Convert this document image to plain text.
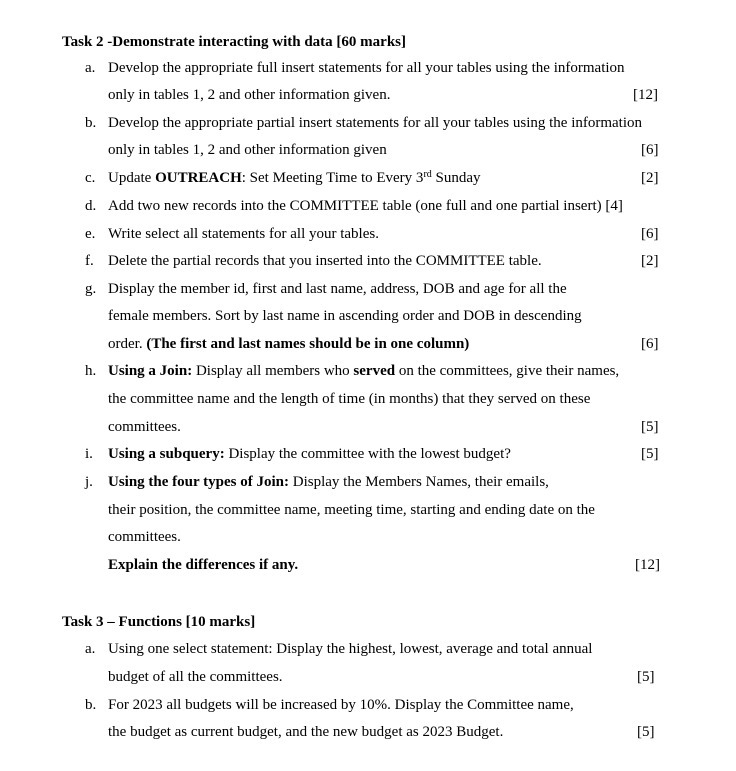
Task 2 -Demonstrate interacting with data [60 marks]
a. Develop the appropriate full insert statements for all your tables using the information
only in tables 1, 2 and other information given.	[12]
b. Develop the appropriate partial insert statements for all your tables using the information
only in tables 1, 2 and other information given	[6]
c. Update OUTREACH: Set Meeting Time to Every 3rd Sunday	[2]
d. Add two new records into the COMMITTEE table (one full and one partial insert) [4]
e. Write select all statements for all your tables.	[6]
f. Delete the partial records that you inserted into the COMMITTEE table.	[2]
g. Display the member id, first and last name, address, DOB and age for all the
female members. Sort by last name in ascending order and DOB in descending
order. (The first and last names should be in one column)	[6]
h. Using a Join: Display all members who served on the committees, give their names,
the committee name and the length of time (in months) that they served on these
committees.	[5]
i. Using a subquery: Display the committee with the lowest budget?	[5]
j. Using the four types of Join: Display the Members Names, their emails,
their position, the committee name, meeting time, starting and ending date on the
committees.
Explain the differences if any.	[12]
Task 3 – Functions [10 marks]
a. Using one select statement: Display the highest, lowest, average and total annual
budget of all the committees.	[5]
b. For 2023 all budgets will be increased by 10%. Display the Committee name,
the budget as current budget, and the new budget as 2023 Budget.	[5]
